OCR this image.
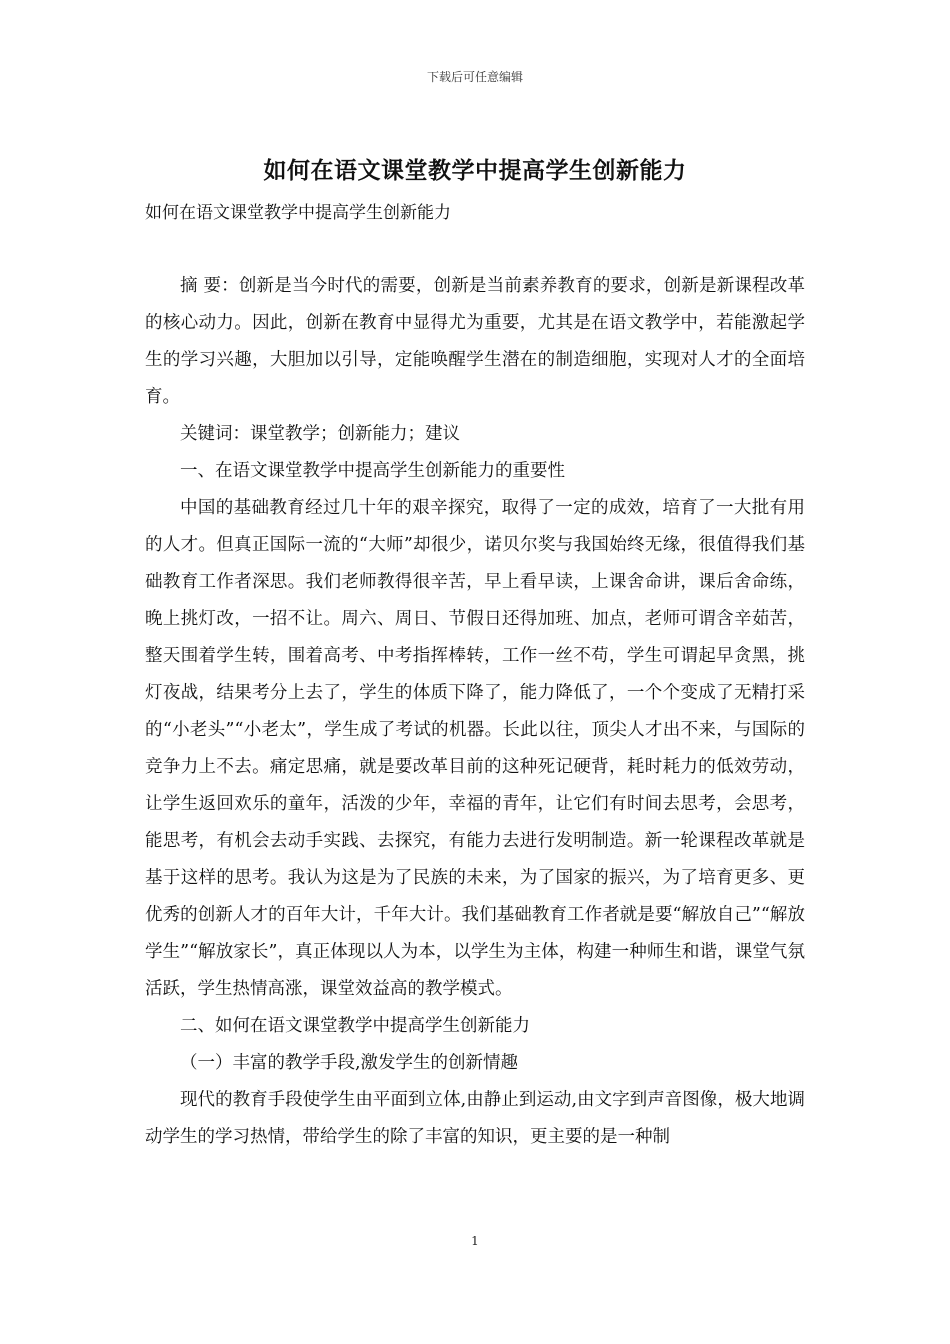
下载后可任意编辑
如何在语文课堂教学中提高学生创新能力

如何在语文课堂教学中提高学生创新能力

摘 要：创新是当今时代的需要，创新是当前素养教育的要求，创新是新课程改革的核心动力。因此，创新在教育中显得尤为重要，尤其是在语文教学中，若能激起学生的学习兴趣，大胆加以引导，定能唤醒学生潜在的制造细胞，实现对人才的全面培育。

关键词：课堂教学；创新能力；建议

一、在语文课堂教学中提高学生创新能力的重要性

中国的基础教育经过几十年的艰辛探究，取得了一定的成效，培育了一大批有用的人才。但真正国际一流的“大师”却很少，诺贝尔奖与我国始终无缘，很值得我们基础教育工作者深思。我们老师教得很辛苦，早上看早读，上课舍命讲，课后舍命练，晚上挑灯改，一招不让。周六、周日、节假日还得加班、加点，老师可谓含辛茹苦，整天围着学生转，围着高考、中考指挥棒转，工作一丝不苟，学生可谓起早贪黑，挑灯夜战，结果考分上去了，学生的体质下降了，能力降低了，一个个变成了无精打采的“小老头”“小老太”，学生成了考试的机器。长此以往，顶尖人才出不来，与国际的竞争力上不去。痛定思痛，就是要改革目前的这种死记硬背，耗时耗力的低效劳动，让学生返回欢乐的童年，活泼的少年，幸福的青年，让它们有时间去思考，会思考，能思考，有机会去动手实践、去探究，有能力去进行发明制造。新一轮课程改革就是基于这样的思考。我认为这是为了民族的未来，为了国家的振兴，为了培育更多、更优秀的创新人才的百年大计，千年大计。我们基础教育工作者就是要“解放自己”“解放学生”“解放家长”，真正体现以人为本，以学生为主体，构建一种师生和谐，课堂气氛活跃，学生热情高涨，课堂效益高的教学模式。

二、如何在语文课堂教学中提高学生创新能力

（一）丰富的教学手段,激发学生的创新情趣

现代的教育手段使学生由平面到立体,由静止到运动,由文字到声音图像，极大地调动学生的学习热情，带给学生的除了丰富的知识，更主要的是一种制

1
